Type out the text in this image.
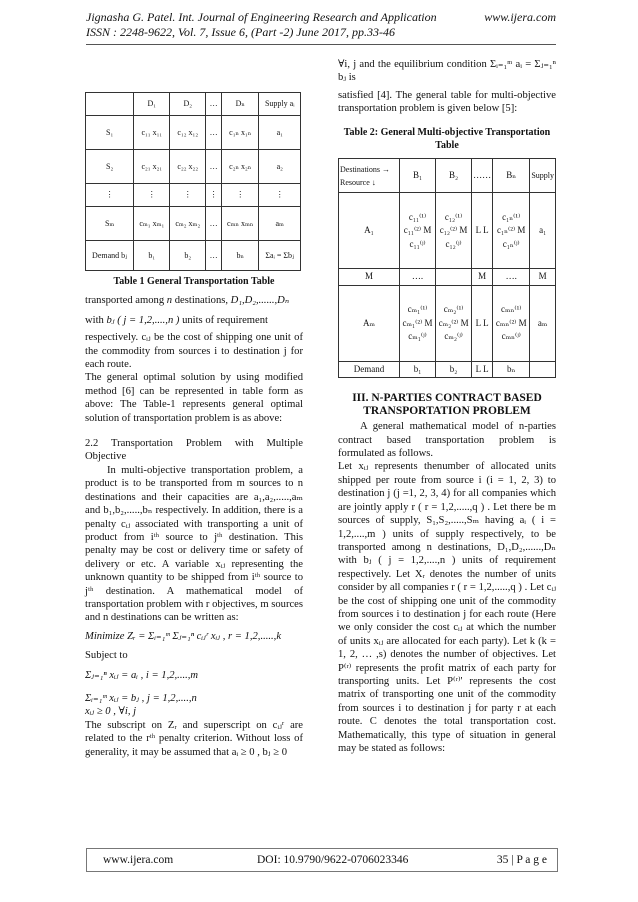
Jignasha G. Patel. Int. Journal of Engineering Research and Application
ISSN : 2248-9622, Vol. 7, Issue 6, (Part -2) June 2017, pp.33-46
www.ijera.com
	D₁	D₂	…	Dₙ	Supply aᵢ
S₁	c₁₁ x₁₁	c₁₂ x₁₂	…	c₁ₙ x₁ₙ	a₁
S₂	c₂₁ x₂₁	c₂₂ x₂₂	…	c₂ₙ x₂ₙ	a₂
⋮	⋮	⋮	⋮	⋮	⋮
Sₘ	cₘ₁ xₘ₁	cₘ₂ xₘ₂	…	cₘₙ xₘₙ	aₘ
Demand bⱼ	b₁	b₂	…	bₙ	Σaᵢ = Σbⱼ
Table 1 General Transportation Table

transported among n destinations, D₁,D₂,......,Dₙ

with bⱼ ( j = 1,2,....,n ) units of requirement

respectively. cᵢⱼ be the cost of shipping one unit of the commodity from sources i to destination j for each route.

The general optimal solution by using modified method [6] can be represented in table form as above: The Table-1 represents general optimal solution of transportation problem is as above:

2.2 Transportation Problem with Multiple Objective

In multi-objective transportation problem, a product is to be transported from m sources to n destinations and their capacities are a₁,a₂,.....,aₘ and b₁,b₂,.....,bₙ respectively. In addition, there is a penalty cᵢⱼ associated with transporting a unit of product from iᵗʰ source to jᵗʰ destination. This penalty may be cost or delivery time or safety of delivery or etc. A variable xᵢⱼ representing the unknown quantity to be shipped from iᵗʰ source to jᵗʰ destination. A mathematical model of transportation problem with r objectives, m sources and n destinations can be written as:

Minimize Zᵣ = Σᵢ₌₁ᵐ Σⱼ₌₁ⁿ cᵢⱼʳ xᵢⱼ , r = 1,2,.....,k

Subject to

Σⱼ₌₁ⁿ xᵢⱼ = aᵢ , i = 1,2,....,m

Σᵢ₌₁ᵐ xᵢⱼ = bⱼ , j = 1,2,....,n

xᵢⱼ ≥ 0 , ∀i, j

The subscript on Zᵣ and superscript on cᵢⱼʳ are related to the rᵗʰ penalty criterion. Without loss of generality, it may be assumed that aᵢ ≥ 0 , bⱼ ≥ 0

∀i, j and the equilibrium condition Σᵢ₌₁ᵐ aᵢ = Σⱼ₌₁ⁿ bⱼ is

satisfied [4]. The general table for multi-objective transportation problem is given below [5]:

Table 2: General Multi-objective Transportation Table
Destinations → Resource ↓	B₁	B₂	……	Bₙ	Supply
A₁	c₁₁⁽¹⁾ c₁₁⁽²⁾ M c₁₁⁽ʲ⁾	c₁₂⁽¹⁾ c₁₂⁽²⁾ M c₁₂⁽ʲ⁾	L L	c₁ₙ⁽¹⁾ c₁ₙ⁽²⁾ M c₁ₙ⁽ʲ⁾	a₁
M	….		M	….	M
Aₘ	cₘ₁⁽¹⁾ cₘ₁⁽²⁾ M cₘ₁⁽ʲ⁾	cₘ₂⁽¹⁾ cₘ₂⁽²⁾ M cₘ₂⁽ʲ⁾	L L	cₘₙ⁽¹⁾ cₘₙ⁽²⁾ M cₘₙ⁽ʲ⁾	aₘ
Demand	b₁	b₂	L L	bₙ	
III. N-PARTIES CONTRACT BASED TRANSPORTATION PROBLEM

A general mathematical model of n-parties contract based transportation problem is formulated as follows.

Let xᵢⱼ represents thenumber of allocated units shipped per route from source i (i = 1, 2, 3) to destination j (j =1, 2, 3, 4) for all companies which are jointly apply r ( r = 1,2,.....,q ) . Let there be m sources of supply, S₁,S₂,.....,Sₘ having aᵢ ( i = 1,2,....,m ) units of supply respectively, to be transported among n destinations, D₁,D₂,......,Dₙ with bⱼ ( j = 1,2,....,n ) units of requirement respectively. Let Xᵣ denotes the number of units consider by all companies r ( r = 1,2,.....,q ) . Let cᵢⱼ be the cost of shipping one unit of the commodity from sources i to destination j for each route (Here we only consider the cost cᵢⱼ at which the number of units xᵢⱼ are allocated for each party). Let k (k = 1, 2, … ,s) denotes the number of objectives. Let P⁽ʳ⁾ represents the profit matrix of each party for transporting units. Let P⁽ʳ⁾' represents the cost matrix of transporting one unit of the commodity from sources i to destination j for party r at each route. C denotes the total transportation cost. Mathematically, this type of situation in general may be stated as follows:

www.ijera.com	DOI: 10.9790/9622-0706023346	35 | P a g e
